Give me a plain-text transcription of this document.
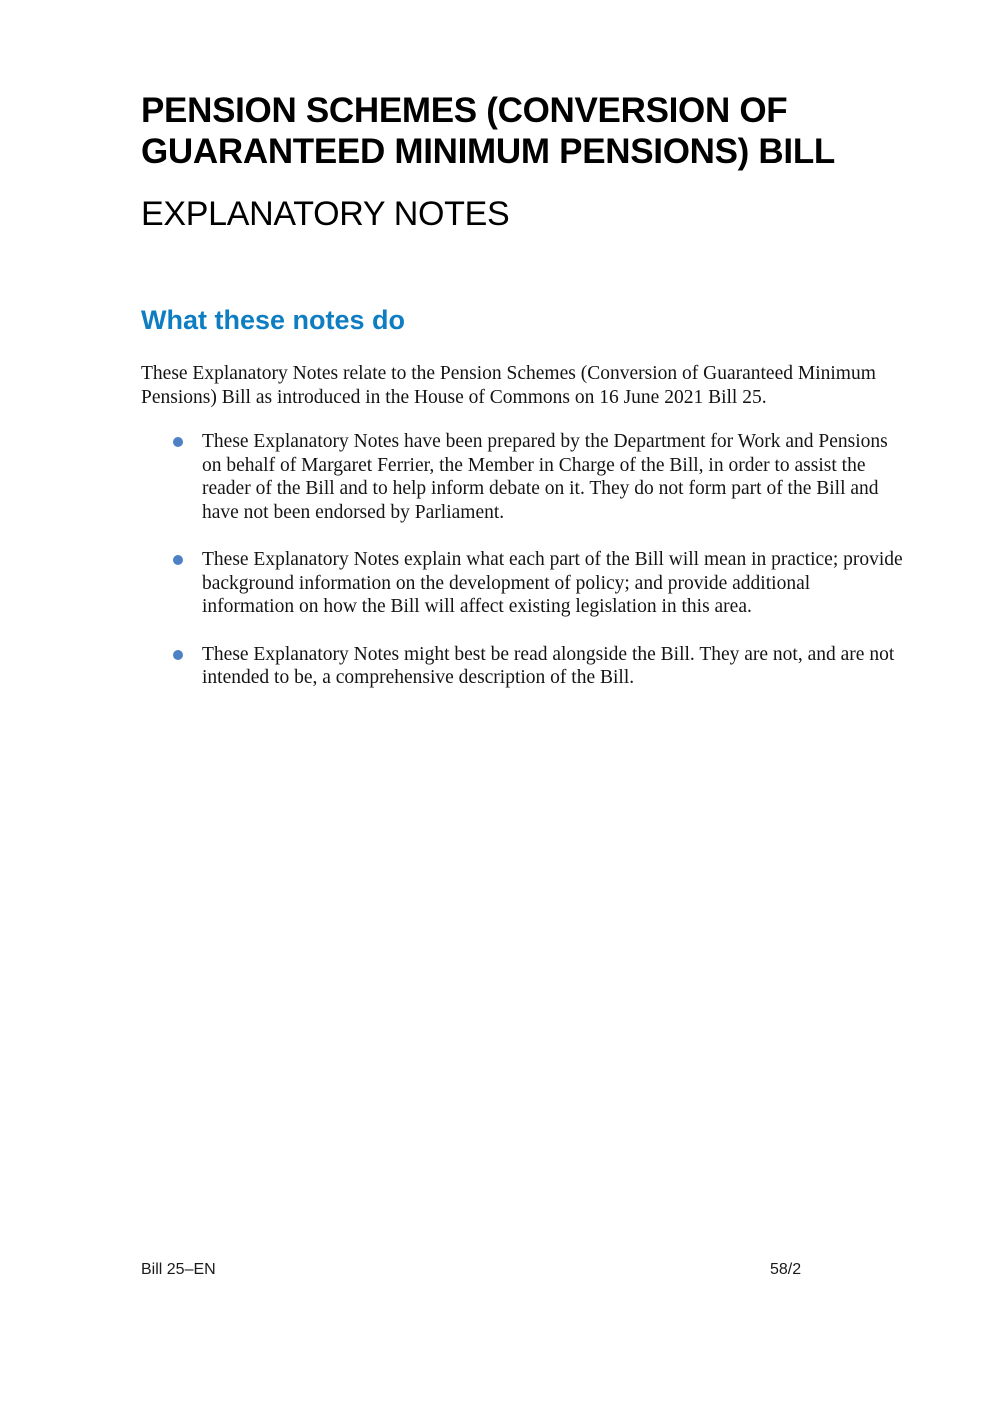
PENSION SCHEMES (CONVERSION OF GUARANTEED MINIMUM PENSIONS) BILL
EXPLANATORY NOTES
What these notes do

These Explanatory Notes relate to the Pension Schemes (Conversion of Guaranteed Minimum Pensions) Bill as introduced in the House of Commons on 16 June 2021 Bill 25.

These Explanatory Notes have been prepared by the Department for Work and Pensions on behalf of Margaret Ferrier, the Member in Charge of the Bill, in order to assist the reader of the Bill and to help inform debate on it. They do not form part of the Bill and have not been endorsed by Parliament.
These Explanatory Notes explain what each part of the Bill will mean in practice; provide background information on the development of policy; and provide additional information on how the Bill will affect existing legislation in this area.
These Explanatory Notes might best be read alongside the Bill. They are not, and are not intended to be, a comprehensive description of the Bill.
Bill 25–EN	58/2
